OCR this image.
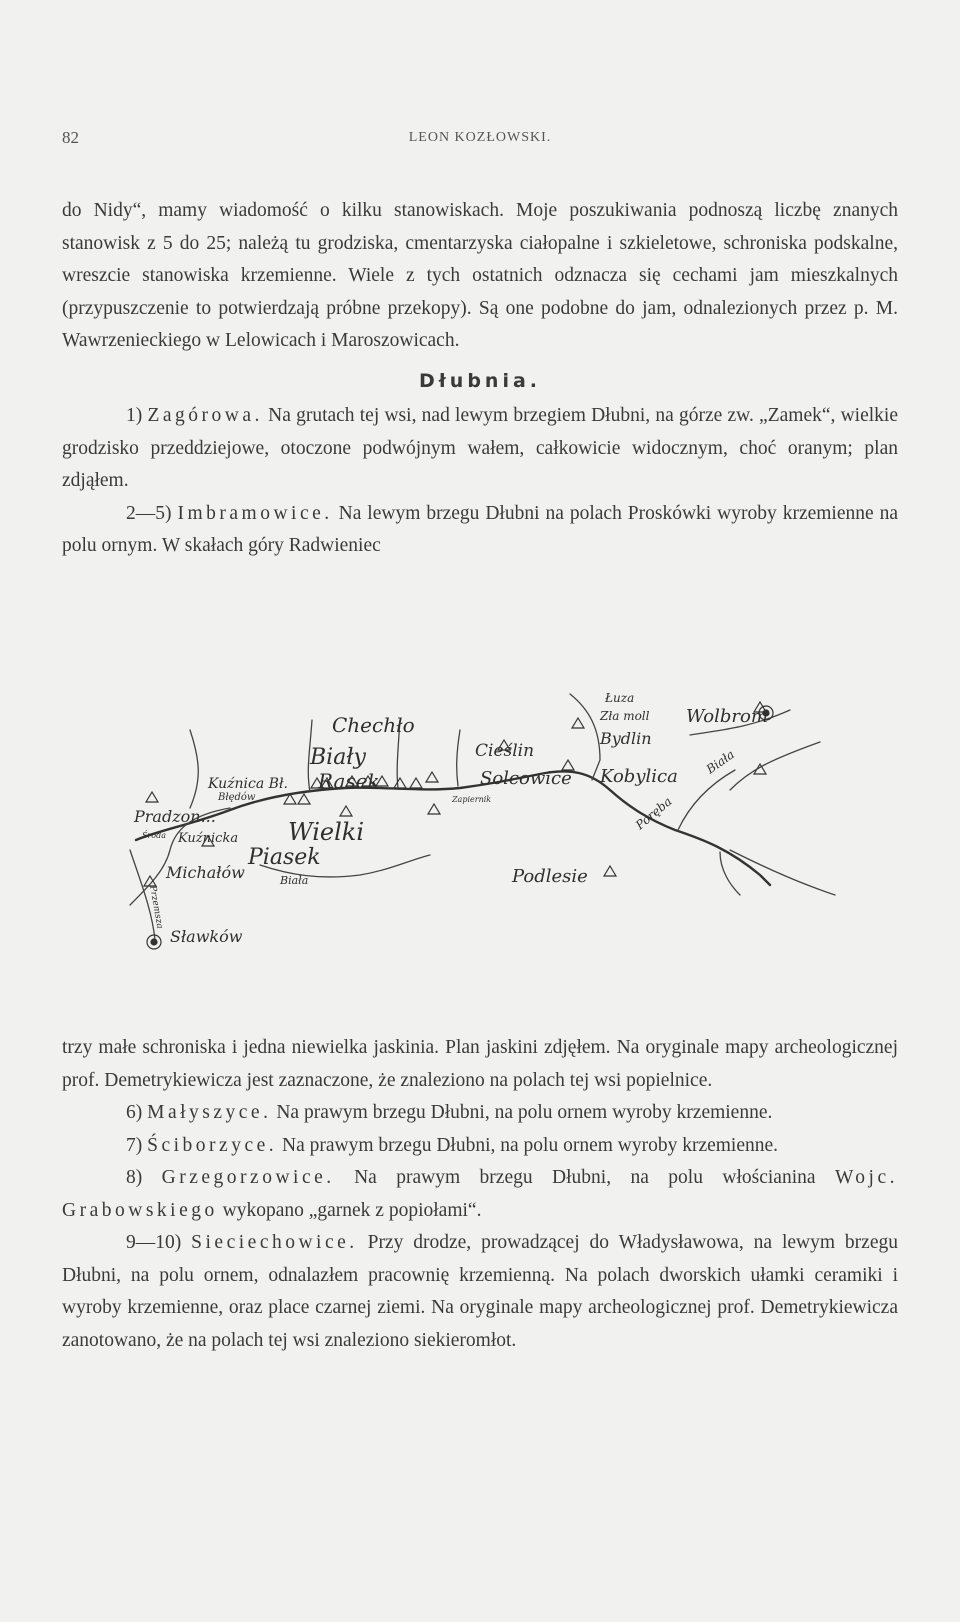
82	LEON KOZŁOWSKI.

do Nidy“, mamy wiadomość o kilku stanowiskach. Moje poszukiwania podnoszą liczbę znanych stanowisk z 5 do 25; należą tu grodziska, cmentarzyska ciałopalne i szkieletowe, schroniska podskalne, wreszcie stanowiska krzemienne. Wiele z tych ostatnich odznacza się cechami jam mieszkalnych (przypuszczenie to potwierdzają próbne przekopy). Są one podobne do jam, odnalezionych przez p. M. Wawrzenieckiego w Lelowicach i Maroszowicach.

Dłubnia.

1) Zagórowa. Na grutach tej wsi, nad lewym brzegiem Dłubni, na górze zw. „Zamek“, wielkie grodzisko przeddziejowe, otoczone podwójnym wałem, całkowicie widocznym, choć oranym; plan zdjąłem.

2—5) Imbramowice. Na lewym brzegu Dłubni na polach Proskówki wyroby krzemienne na polu ornym. W skałach góry Radwieniec

Chechło
Biały
Rasek
Cieślin
Solcowice
Łuza
Zła moll
Bydlin
Kobylica
Wolbrom
Biała
Poręba
Kuźnica Bł.
Błędów
Pradzon...
Kuźnicka Wielki
Piasek
Michałów	Biała	Podlesie
Sławków
Przemsza
Środa
Zapiernik

trzy małe schroniska i jedna niewielka jaskinia. Plan jaskini zdjęłem. Na oryginale mapy archeologicznej prof. Demetrykiewicza jest zaznaczone, że znaleziono na polach tej wsi popielnice.

6) Małyszyce. Na prawym brzegu Dłubni, na polu ornem wyroby krzemienne.

7) Ściborzyce. Na prawym brzegu Dłubni, na polu ornem wyroby krzemienne.

8) Grzegorzowice. Na prawym brzegu Dłubni, na polu włościanina Wojc. Grabowskiego wykopano „garnek z popiołami“.

9—10) Sieciechowice. Przy drodze, prowadzącej do Władysławowa, na lewym brzegu Dłubni, na polu ornem, odnalazłem pracownię krzemienną. Na polach dworskich ułamki ceramiki i wyroby krzemienne, oraz place czarnej ziemi. Na oryginale mapy archeologicznej prof. Demetrykiewicza zanotowano, że na polach tej wsi znaleziono siekieromłot.
